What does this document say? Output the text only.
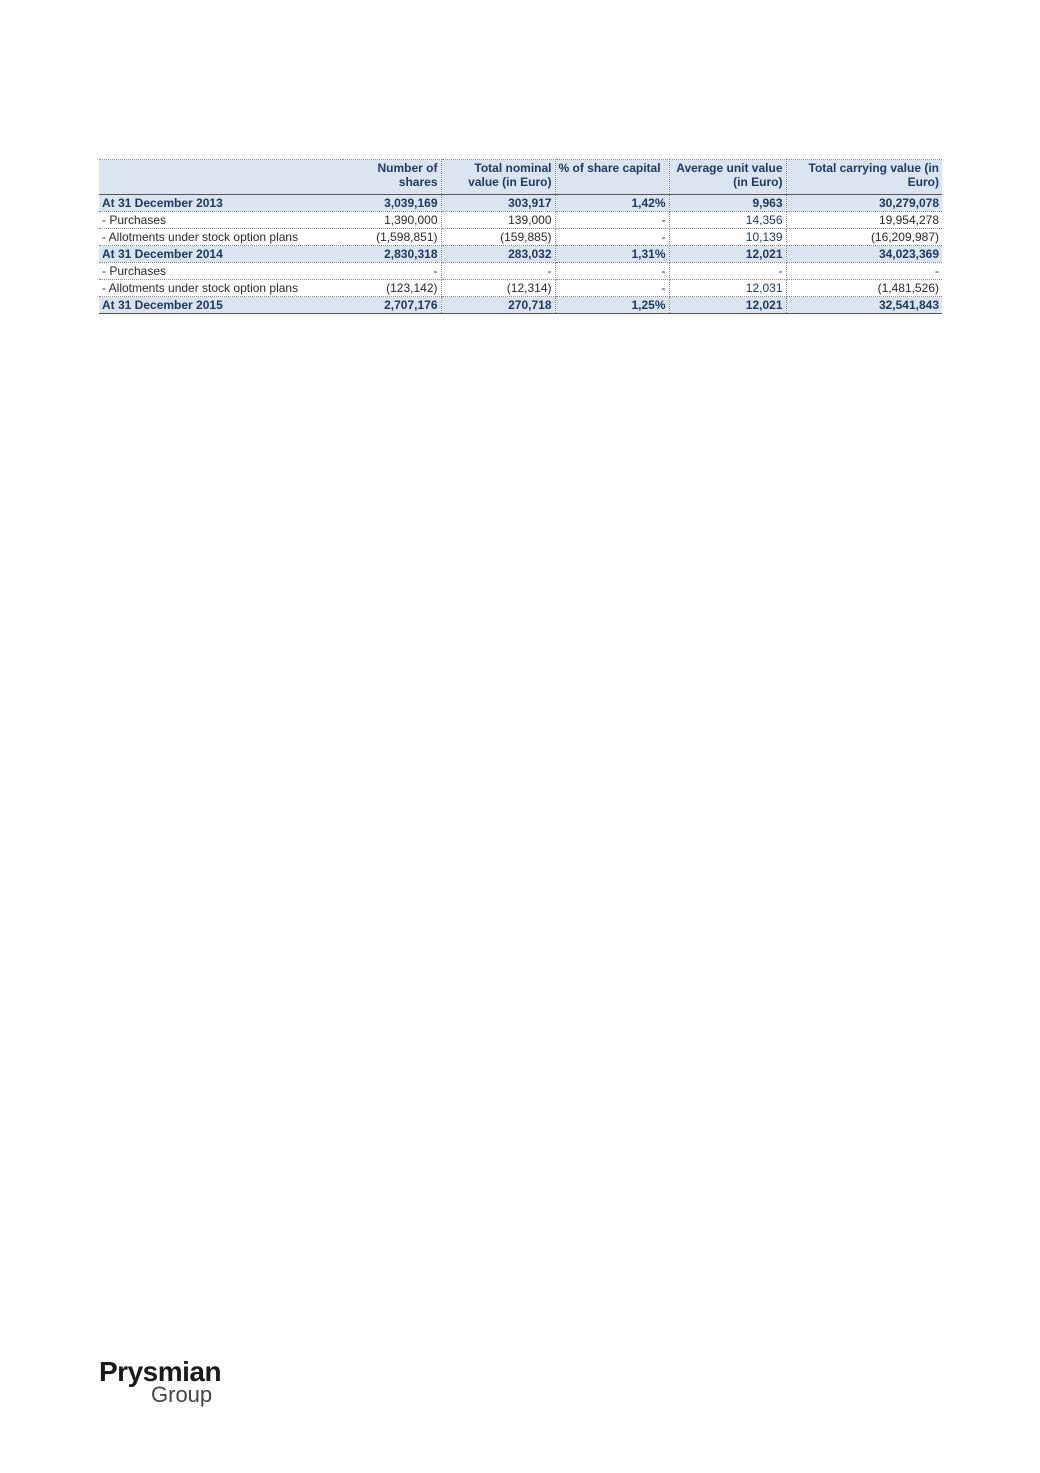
	Number of shares	Total nominal value (in Euro)	% of share capital	Average unit value (in Euro)	Total carrying value (in Euro)
At 31 December 2013	3,039,169	303,917	1,42%	9,963	30,279,078
- Purchases	1,390,000	139,000	-	14,356	19,954,278
- Allotments under stock option plans	(1,598,851)	(159,885)	-	10,139	(16,209,987)
At 31 December 2014	2,830,318	283,032	1,31%	12,021	34,023,369
- Purchases	-	-	-	-	-
- Allotments under stock option plans	(123,142)	(12,314)	-	12,031	(1,481,526)
At 31 December 2015	2,707,176	270,718	1,25%	12,021	32,541,843
Prysmian
Group
